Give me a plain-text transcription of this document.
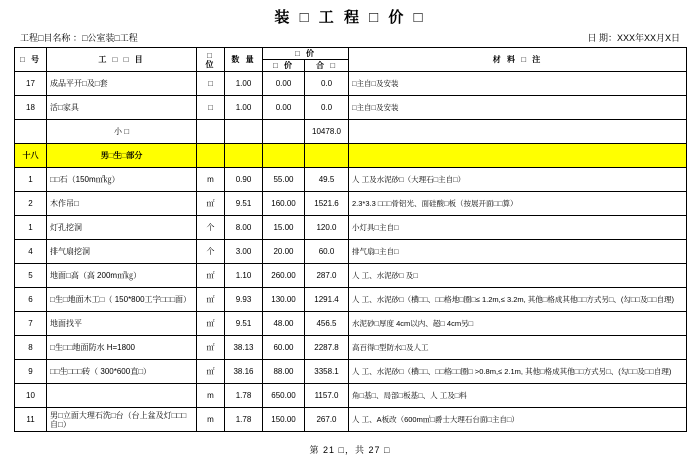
装 □ 工 程 □ 价 □
工程□目名称 ：□公室装□工程	日 期：XXX年XX月X日
□ 号	工 □ □ 目	□ 位	数 量	□ 价		材 料 □ 注
				□ 价	合 □	
17	成品平开□及□套	□	1.00	0.00	0.0	□主自□及安装
18	活□家具	□	1.00	0.00	0.0	□主自□及安装
	小 □				10478.0	
十八	男□生□部分					
1	□□石（150m㎡㎏）	m	0.90	55.00	49.5	人 工及水泥砂□（大理石□主自□）
2	木作吊□	㎡	9.51	160.00	1521.6	2.3*3.3 □□□骨铝光、面硅酸□板（按展开面□□算）
1	灯孔挖洞	个	8.00	15.00	120.0	小灯具□主自□
4	排气扇挖洞	个	3.00	20.00	60.0	排气扇□主自□
5	地面□高（高 200m㎡㎏）	㎡	1.10	260.00	287.0	人 工、水泥砂□ 及□
6	□生□地面木工□（ 150*800工字□□□面）	㎡	9.93	130.00	1291.4	人 工、水泥砂□（横□□、□□格地□圈□≤ 1.2m,≤ 3.2m, 其他□格成其他□□方式另□、(勾□□及□□自理)
7	地面找平	㎡	9.51	48.00	456.5	水泥砂□厚度 4cm以内、超□ 4cm另□
8	□生□□地面防水 H=1800	㎡	38.13	60.00	2287.8	高百得□型防水□及人工
9	□□生□□□砖（ 300*600直□）	㎡	38.16	88.00	3358.1	人 工、水泥砂□（横□□、□□格□□圈□ >0.8m,≤ 2.1m, 其他□格成其他□□方式另□、(勾□□及□□自理)
10		m	1.78	650.00	1157.0	角□基□、局部□板基□、人 工及□料
11	男□立面大理石洗□台（台上盆及灯□□□自□）	m	1.78	150.00	267.0	人 工、A板改（600m㎡□爵士大理石台面□主自□）
第 21 □，共 27 □
